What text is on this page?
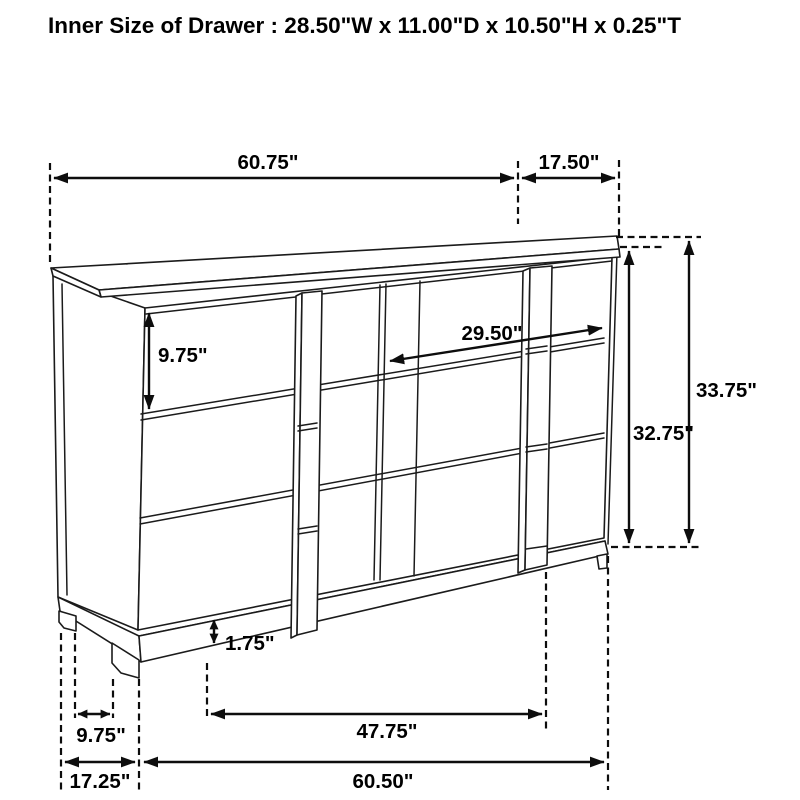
Inner Size of Drawer : 28.50"W x 11.00"D x 10.50"H x 0.25"T
60.75"	17.50"
9.75"
29.50"
33.75"
32.75"
1.75"
9.75"	47.75"
17.25"	60.50"
